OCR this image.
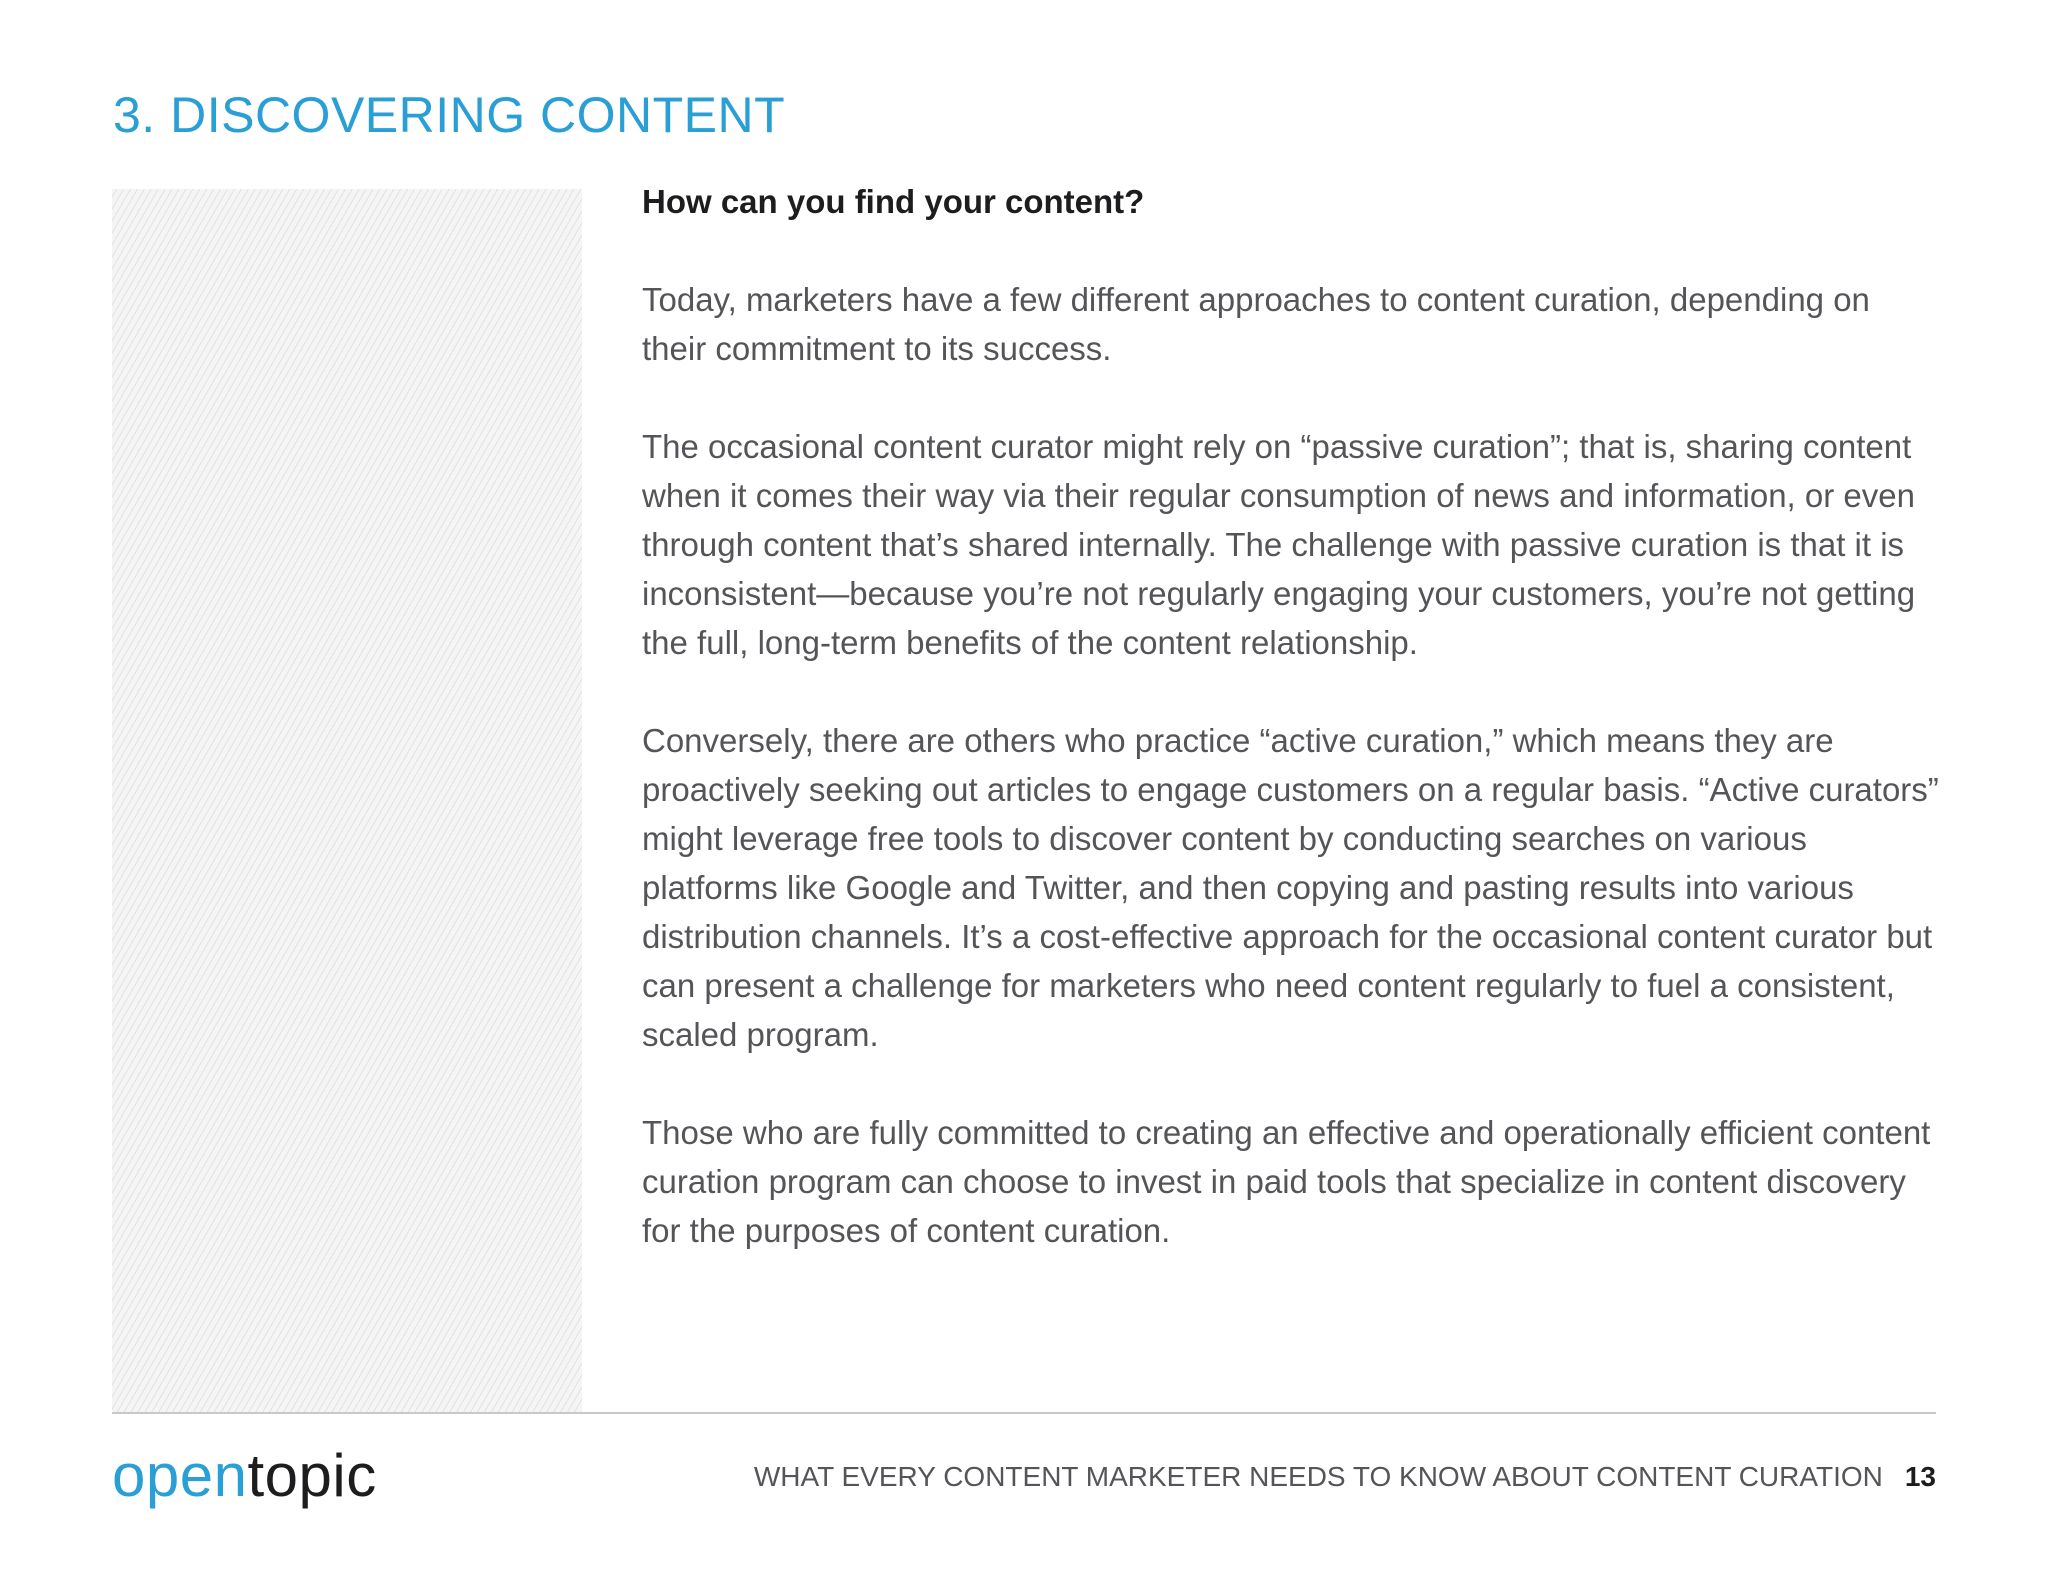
3. DISCOVERING CONTENT

How can you find your content?

Today, marketers have a few different approaches to content curation, depending on their commitment to its success.

The occasional content curator might rely on “passive curation”; that is, sharing content when it comes their way via their regular consumption of news and information, or even through content that’s shared internally. The challenge with passive curation is that it is inconsistent—because you’re not regularly engaging your customers, you’re not getting the full, long-term benefits of the content relationship.

Conversely, there are others who practice “active curation,” which means they are proactively seeking out articles to engage customers on a regular basis. “Active curators” might leverage free tools to discover content by conducting searches on various platforms like Google and Twitter, and then copying and pasting results into various distribution channels. It’s a cost-effective approach for the occasional content curator but can present a challenge for marketers who need content regularly to fuel a consistent, scaled program.

Those who are fully committed to creating an effective and operationally efficient content curation program can choose to invest in paid tools that specialize in content discovery for the purposes of content curation.

opentopic	WHAT EVERY CONTENT MARKETER NEEDS TO KNOW ABOUT CONTENT CURATION 13
